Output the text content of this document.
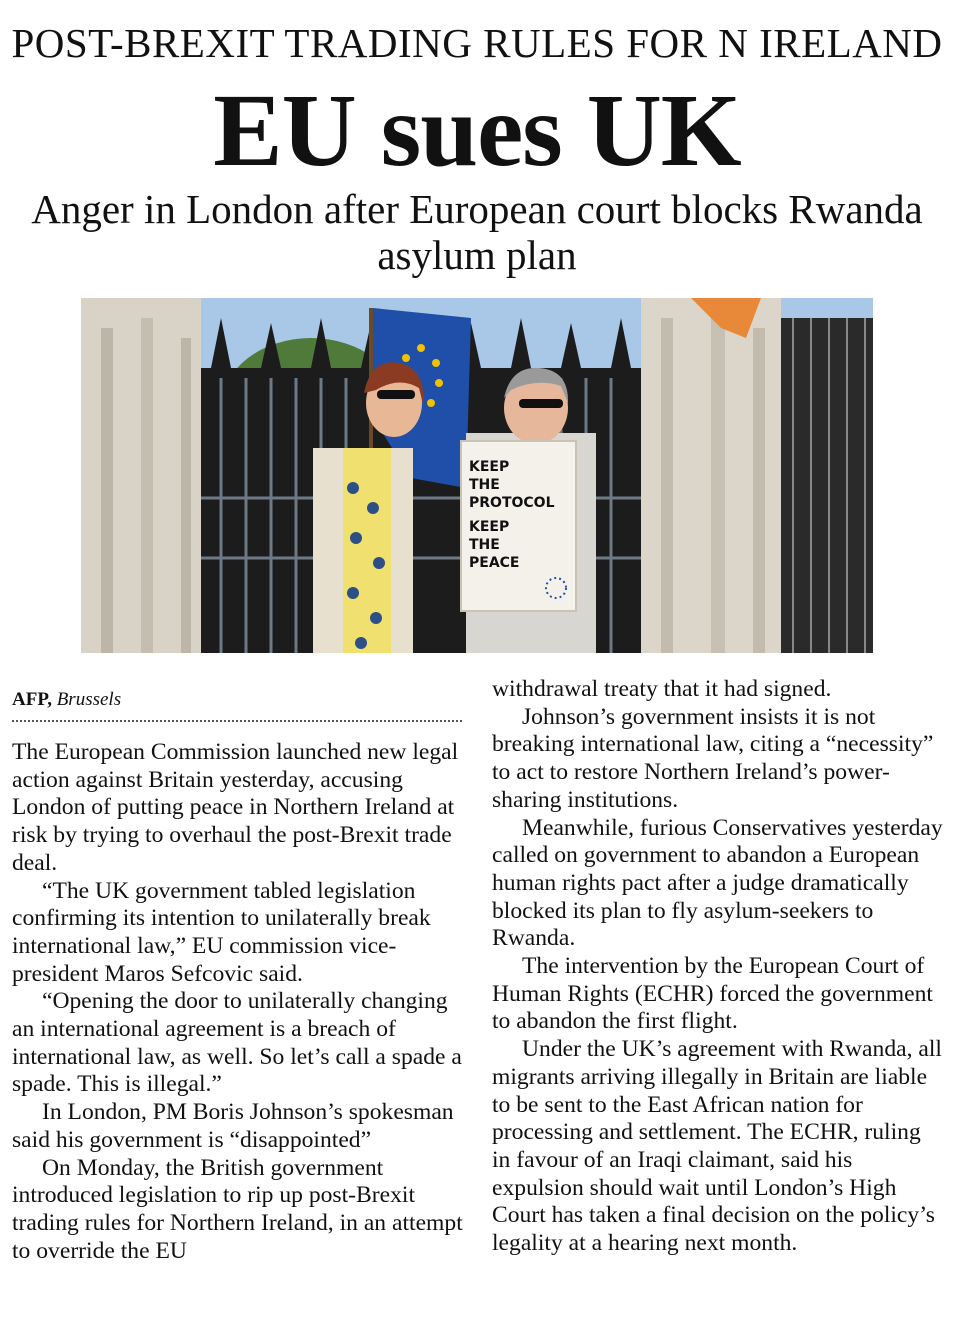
POST-BREXIT TRADING RULES FOR N IRELAND
EU sues UK
Anger in London after European court blocks Rwanda asylum plan
KEEP
THE
PROTOCOL
KEEP
THE
PEACE
AFP, Brussels

The European Commission launched new legal action against Britain yesterday, accusing London of putting peace in Northern Ireland at risk by trying to overhaul the post-Brexit trade deal.

“The UK government tabled legislation confirming its intention to unilaterally break international law,” EU commission vice-president Maros Sefcovic said.

“Opening the door to unilaterally changing an international agreement is a breach of international law, as well. So let’s call a spade a spade. This is illegal.”

In London, PM Boris Johnson’s spokesman said his government is “disappointed”

On Monday, the British government introduced legislation to rip up post-Brexit trading rules for Northern Ireland, in an attempt to override the EU

withdrawal treaty that it had signed.

Johnson’s government insists it is not breaking international law, citing a “necessity” to act to restore Northern Ireland’s power-sharing institutions.

Meanwhile, furious Conservatives yesterday called on government to abandon a European human rights pact after a judge dramatically blocked its plan to fly asylum-seekers to Rwanda.

The intervention by the European Court of Human Rights (ECHR) forced the government to abandon the first flight.

Under the UK’s agreement with Rwanda, all migrants arriving illegally in Britain are liable to be sent to the East African nation for processing and settlement. The ECHR, ruling in favour of an Iraqi claimant, said his expulsion should wait until London’s High Court has taken a final decision on the policy’s legality at a hearing next month.
